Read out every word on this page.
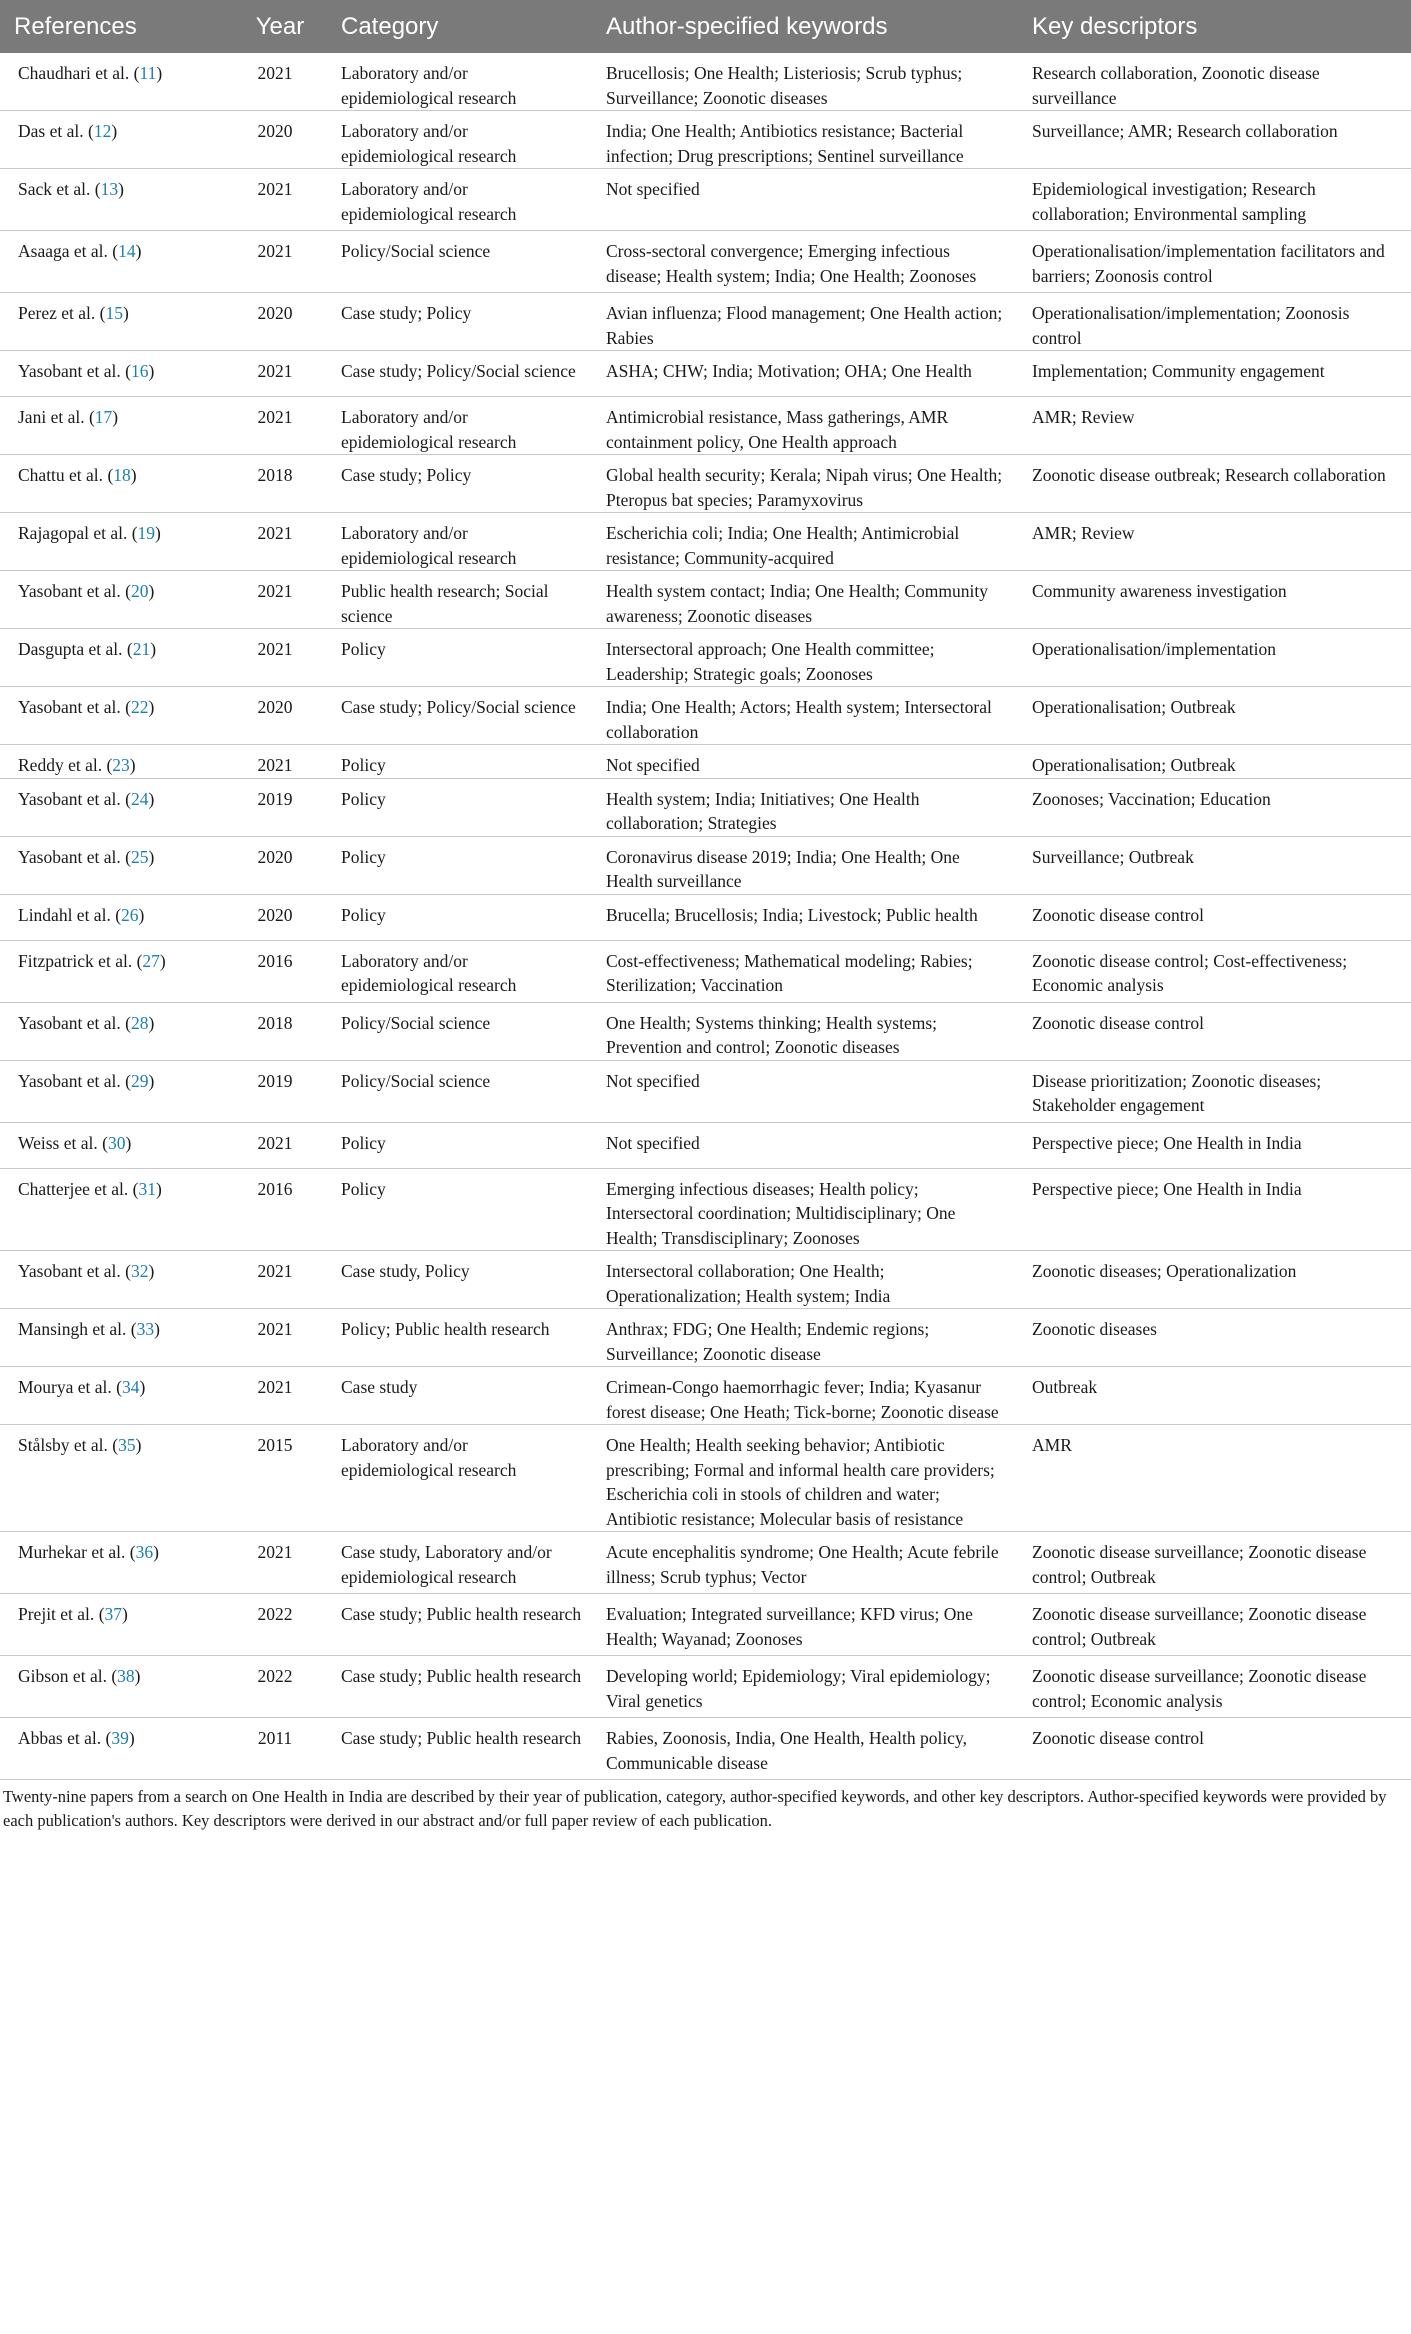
References	Year	Category	Author-specified keywords	Key descriptors
Chaudhari et al. (11)	2021	Laboratory and/or epidemiological research	Brucellosis; One Health; Listeriosis; Scrub typhus; Surveillance; Zoonotic diseases	Research collaboration, Zoonotic disease surveillance
Das et al. (12)	2020	Laboratory and/or epidemiological research	India; One Health; Antibiotics resistance; Bacterial infection; Drug prescriptions; Sentinel surveillance	Surveillance; AMR; Research collaboration
Sack et al. (13)	2021	Laboratory and/or epidemiological research	Not specified	Epidemiological investigation; Research collaboration; Environmental sampling
Asaaga et al. (14)	2021	Policy/Social science	Cross-sectoral convergence; Emerging infectious disease; Health system; India; One Health; Zoonoses	Operationalisation/implementation facilitators and barriers; Zoonosis control
Perez et al. (15)	2020	Case study; Policy	Avian influenza; Flood management; One Health action; Rabies	Operationalisation/implementation; Zoonosis control
Yasobant et al. (16)	2021	Case study; Policy/Social science	ASHA; CHW; India; Motivation; OHA; One Health	Implementation; Community engagement
Jani et al. (17)	2021	Laboratory and/or epidemiological research	Antimicrobial resistance, Mass gatherings, AMR containment policy, One Health approach	AMR; Review
Chattu et al. (18)	2018	Case study; Policy	Global health security; Kerala; Nipah virus; One Health; Pteropus bat species; Paramyxovirus	Zoonotic disease outbreak; Research collaboration
Rajagopal et al. (19)	2021	Laboratory and/or epidemiological research	Escherichia coli; India; One Health; Antimicrobial resistance; Community-acquired	AMR; Review
Yasobant et al. (20)	2021	Public health research; Social science	Health system contact; India; One Health; Community awareness; Zoonotic diseases	Community awareness investigation
Dasgupta et al. (21)	2021	Policy	Intersectoral approach; One Health committee; Leadership; Strategic goals; Zoonoses	Operationalisation/implementation
Yasobant et al. (22)	2020	Case study; Policy/Social science	India; One Health; Actors; Health system; Intersectoral collaboration	Operationalisation; Outbreak
Reddy et al. (23)	2021	Policy	Not specified	Operationalisation; Outbreak
Yasobant et al. (24)	2019	Policy	Health system; India; Initiatives; One Health collaboration; Strategies	Zoonoses; Vaccination; Education
Yasobant et al. (25)	2020	Policy	Coronavirus disease 2019; India; One Health; One Health surveillance	Surveillance; Outbreak
Lindahl et al. (26)	2020	Policy	Brucella; Brucellosis; India; Livestock; Public health	Zoonotic disease control
Fitzpatrick et al. (27)	2016	Laboratory and/or epidemiological research	Cost-effectiveness; Mathematical modeling; Rabies; Sterilization; Vaccination	Zoonotic disease control; Cost-effectiveness; Economic analysis
Yasobant et al. (28)	2018	Policy/Social science	One Health; Systems thinking; Health systems; Prevention and control; Zoonotic diseases	Zoonotic disease control
Yasobant et al. (29)	2019	Policy/Social science	Not specified	Disease prioritization; Zoonotic diseases; Stakeholder engagement
Weiss et al. (30)	2021	Policy	Not specified	Perspective piece; One Health in India
Chatterjee et al. (31)	2016	Policy	Emerging infectious diseases; Health policy; Intersectoral coordination; Multidisciplinary; One Health; Transdisciplinary; Zoonoses	Perspective piece; One Health in India
Yasobant et al. (32)	2021	Case study, Policy	Intersectoral collaboration; One Health; Operationalization; Health system; India	Zoonotic diseases; Operationalization
Mansingh et al. (33)	2021	Policy; Public health research	Anthrax; FDG; One Health; Endemic regions; Surveillance; Zoonotic disease	Zoonotic diseases
Mourya et al. (34)	2021	Case study	Crimean-Congo haemorrhagic fever; India; Kyasanur forest disease; One Heath; Tick-borne; Zoonotic disease	Outbreak
Stålsby et al. (35)	2015	Laboratory and/or epidemiological research	One Health; Health seeking behavior; Antibiotic prescribing; Formal and informal health care providers; Escherichia coli in stools of children and water; Antibiotic resistance; Molecular basis of resistance	AMR
Murhekar et al. (36)	2021	Case study, Laboratory and/or epidemiological research	Acute encephalitis syndrome; One Health; Acute febrile illness; Scrub typhus; Vector	Zoonotic disease surveillance; Zoonotic disease control; Outbreak
Prejit et al. (37)	2022	Case study; Public health research	Evaluation; Integrated surveillance; KFD virus; One Health; Wayanad; Zoonoses	Zoonotic disease surveillance; Zoonotic disease control; Outbreak
Gibson et al. (38)	2022	Case study; Public health research	Developing world; Epidemiology; Viral epidemiology; Viral genetics	Zoonotic disease surveillance; Zoonotic disease control; Economic analysis
Abbas et al. (39)	2011	Case study; Public health research	Rabies, Zoonosis, India, One Health, Health policy, Communicable disease	Zoonotic disease control

Twenty-nine papers from a search on One Health in India are described by their year of publication, category, author-specified keywords, and other key descriptors. Author-specified keywords were provided by each publication's authors. Key descriptors were derived in our abstract and/or full paper review of each publication.
